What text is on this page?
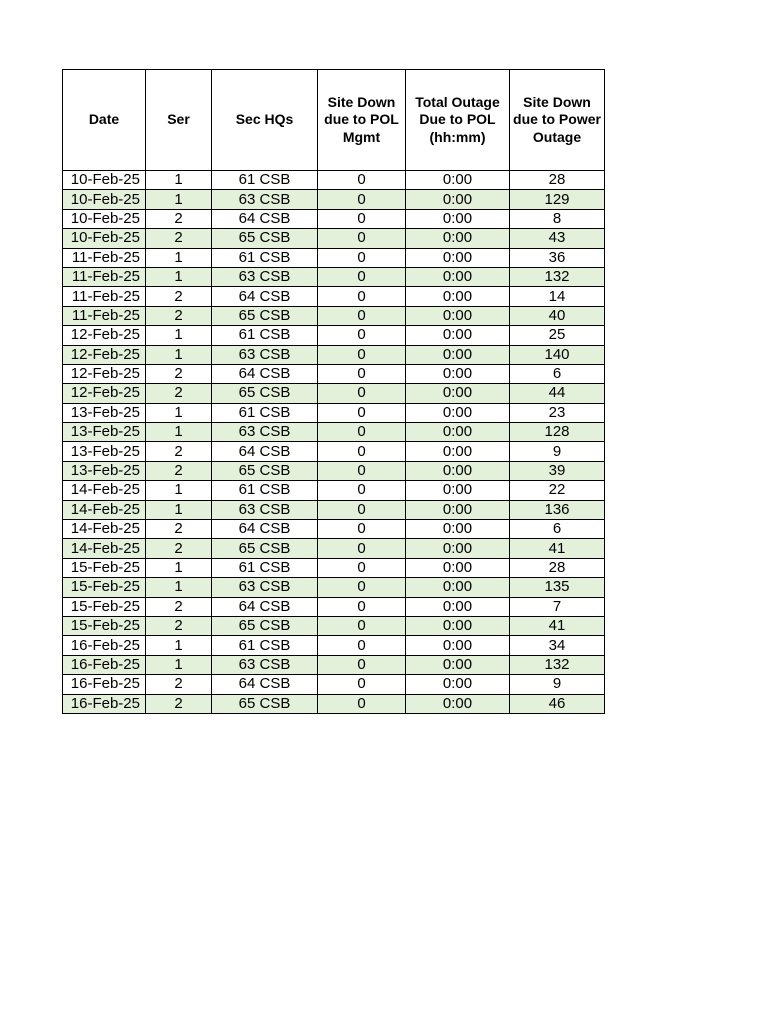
Date	Ser	Sec HQs	Site Down due to POL Mgmt	Total Outage Due to POL (hh:mm)	Site Down due to Power Outage
10-Feb-25	1	61 CSB	0	0:00	28
10-Feb-25	1	63 CSB	0	0:00	129
10-Feb-25	2	64 CSB	0	0:00	8
10-Feb-25	2	65 CSB	0	0:00	43
11-Feb-25	1	61 CSB	0	0:00	36
11-Feb-25	1	63 CSB	0	0:00	132
11-Feb-25	2	64 CSB	0	0:00	14
11-Feb-25	2	65 CSB	0	0:00	40
12-Feb-25	1	61 CSB	0	0:00	25
12-Feb-25	1	63 CSB	0	0:00	140
12-Feb-25	2	64 CSB	0	0:00	6
12-Feb-25	2	65 CSB	0	0:00	44
13-Feb-25	1	61 CSB	0	0:00	23
13-Feb-25	1	63 CSB	0	0:00	128
13-Feb-25	2	64 CSB	0	0:00	9
13-Feb-25	2	65 CSB	0	0:00	39
14-Feb-25	1	61 CSB	0	0:00	22
14-Feb-25	1	63 CSB	0	0:00	136
14-Feb-25	2	64 CSB	0	0:00	6
14-Feb-25	2	65 CSB	0	0:00	41
15-Feb-25	1	61 CSB	0	0:00	28
15-Feb-25	1	63 CSB	0	0:00	135
15-Feb-25	2	64 CSB	0	0:00	7
15-Feb-25	2	65 CSB	0	0:00	41
16-Feb-25	1	61 CSB	0	0:00	34
16-Feb-25	1	63 CSB	0	0:00	132
16-Feb-25	2	64 CSB	0	0:00	9
16-Feb-25	2	65 CSB	0	0:00	46
